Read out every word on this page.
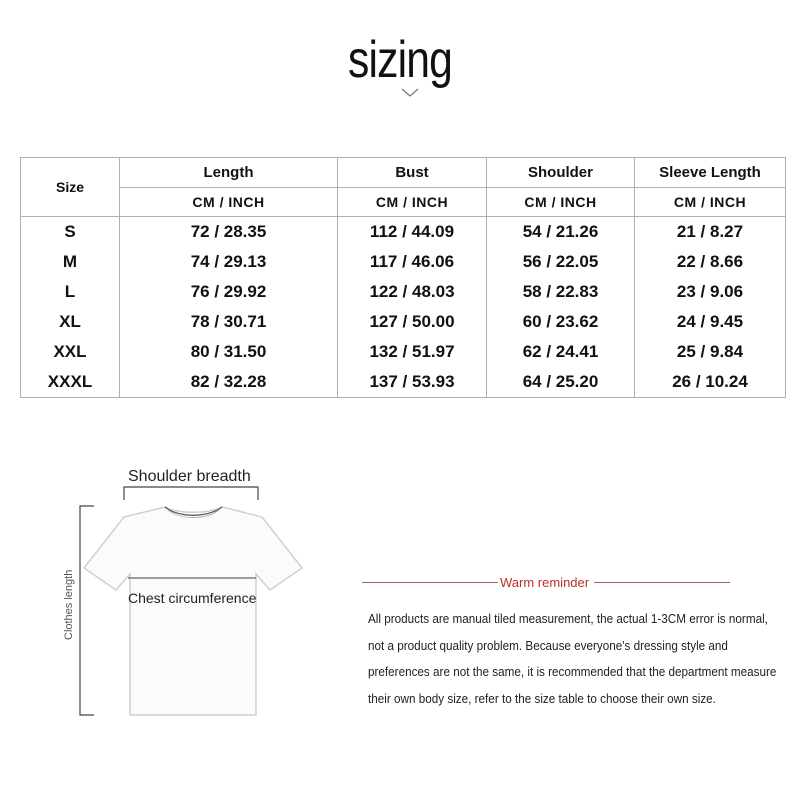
sizing
Size	Length	Bust	Shoulder	Sleeve Length
	CM / INCH	CM / INCH	CM / INCH	CM / INCH
S	72 / 28.35	112 / 44.09	54 / 21.26	21 / 8.27
M	74 / 29.13	117 / 46.06	56 / 22.05	22 / 8.66
L	76 / 29.92	122 / 48.03	58 / 22.83	23 / 9.06
XL	78 / 30.71	127 / 50.00	60 / 23.62	24 / 9.45
XXL	80 / 31.50	132 / 51.97	62 / 24.41	25 / 9.84
XXXL	82 / 32.28	137 / 53.93	64 / 25.20	26 / 10.24
Shoulder breadth
Chest circumference
Clothes length	Warm reminder
All products are manual tiled measurement, the actual 1-3CM error is normal, not a product quality problem. Because everyone's dressing style and preferences are not the same, it is recommended that the department measure their own body size, refer to the size table to choose their own size.
